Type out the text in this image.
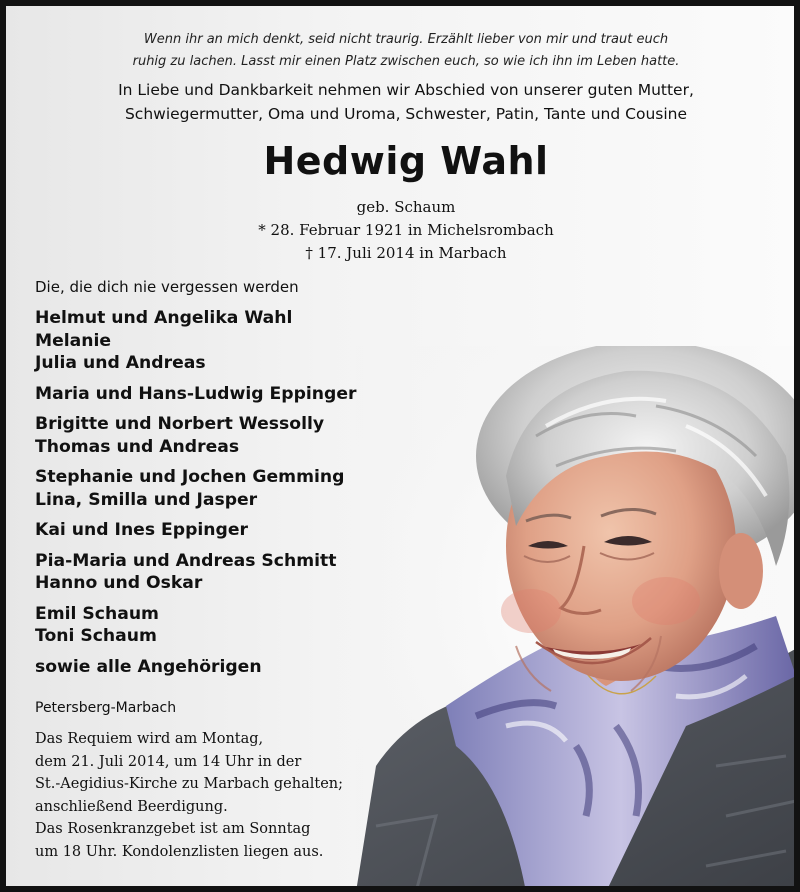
Wenn ihr an mich denkt, seid nicht traurig. Erzählt lieber von mir und traut euch
ruhig zu lachen. Lasst mir einen Platz zwischen euch, so wie ich ihn im Leben hatte.
In Liebe und Dankbarkeit nehmen wir Abschied von unserer guten Mutter,
Schwiegermutter, Oma und Uroma, Schwester, Patin, Tante und Cousine
Hedwig Wahl
geb. Schaum
* 28. Februar 1921 in Michelsrombach
† 17. Juli 2014 in Marbach
Die, die dich nie vergessen werden
Helmut und Angelika Wahl
Melanie
Julia und Andreas
Maria und Hans-Ludwig Eppinger
Brigitte und Norbert Wessolly
Thomas und Andreas
Stephanie und Jochen Gemming
Lina, Smilla und Jasper
Kai und Ines Eppinger
Pia-Maria und Andreas Schmitt
Hanno und Oskar
Emil Schaum
Toni Schaum
sowie alle Angehörigen
Petersberg-Marbach
Das Requiem wird am Montag,
dem 21. Juli 2014, um 14 Uhr in der
St.-Aegidius-Kirche zu Marbach gehalten;
anschließend Beerdigung.
Das Rosenkranzgebet ist am Sonntag
um 18 Uhr. Kondolenzlisten liegen aus.
